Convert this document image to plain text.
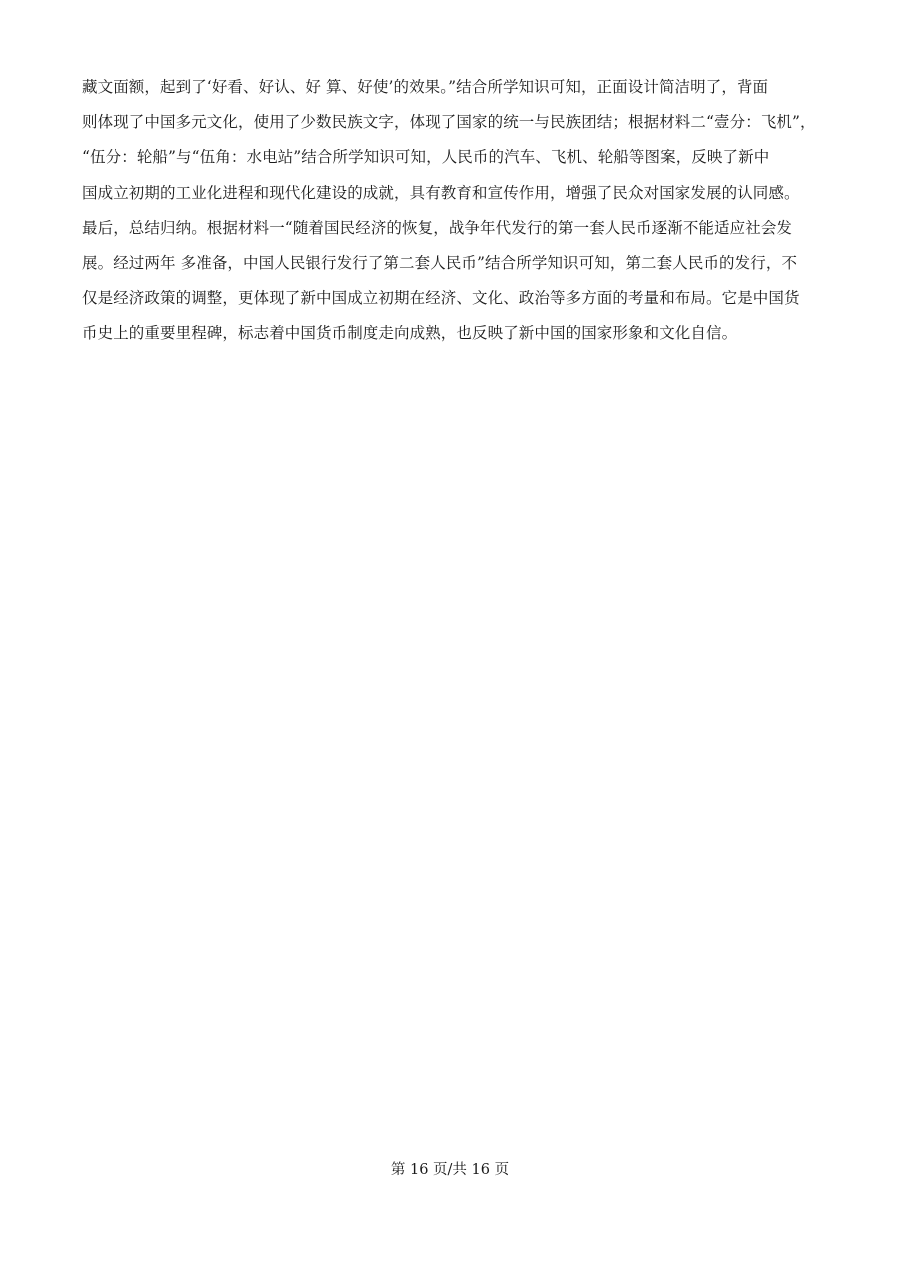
藏文面额，起到了‘好看、好认、好 算、好使’的效果。”结合所学知识可知，正面设计简洁明了，背面
则体现了中国多元文化，使用了少数民族文字，体现了国家的统一与民族团结；根据材料二“壹分：飞机”，
“伍分：轮船”与“伍角：水电站”结合所学知识可知，人民币的汽车、飞机、轮船等图案，反映了新中
国成立初期的工业化进程和现代化建设的成就，具有教育和宣传作用，增强了民众对国家发展的认同感。
最后，总结归纳。根据材料一“随着国民经济的恢复，战争年代发行的第一套人民币逐渐不能适应社会发
展。经过两年 多准备，中国人民银行发行了第二套人民币”结合所学知识可知，第二套人民币的发行，不
仅是经济政策的调整，更体现了新中国成立初期在经济、文化、政治等多方面的考量和布局。它是中国货
币史上的重要里程碑，标志着中国货币制度走向成熟，也反映了新中国的国家形象和文化自信。
第 16 页/共 16 页
